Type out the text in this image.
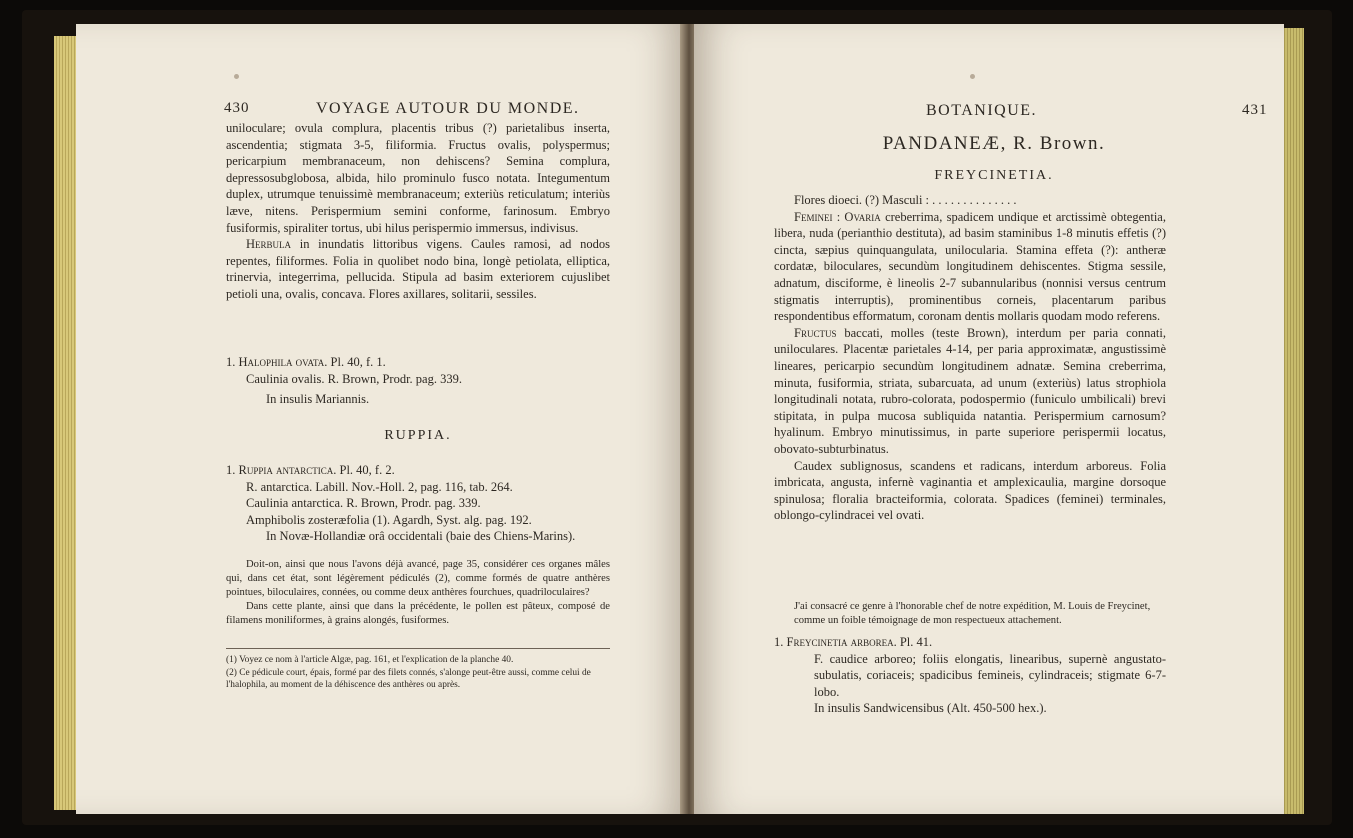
430	VOYAGE AUTOUR DU MONDE.

uniloculare; ovula complura, placentis tribus (?) parietalibus inserta, ascendentia; stigmata 3-5, filiformia. Fructus ovalis, polyspermus; pericarpium membranaceum, non dehiscens? Semina complura, depressosubglobosa, albida, hilo prominulo fusco notata. Integumentum duplex, utrumque tenuissimè membranaceum; exteriùs reticulatum; interiùs læve, nitens. Perispermium semini conforme, farinosum. Embryo fusiformis, spiraliter tortus, ubi hilus perispermio immersus, indivisus.

Herbula in inundatis littoribus vigens. Caules ramosi, ad nodos repentes, filiformes. Folia in quolibet nodo bina, longè petiolata, elliptica, trinervia, integerrima, pellucida. Stipula ad basim exteriorem cujuslibet petioli una, ovalis, concava. Flores axillares, solitarii, sessiles.

1. Halophila ovata. Pl. 40, f. 1.

Caulinia ovalis. R. Brown, Prodr. pag. 339.

In insulis Mariannis.

RUPPIA.

1. Ruppia antarctica. Pl. 40, f. 2.

R. antarctica. Labill. Nov.-Holl. 2, pag. 116, tab. 264.

Caulinia antarctica. R. Brown, Prodr. pag. 339.

Amphibolis zosteræfolia (1). Agardh, Syst. alg. pag. 192.

In Novæ-Hollandiæ orâ occidentali (baie des Chiens-Marins).

Doit-on, ainsi que nous l'avons déjà avancé, page 35, considérer ces organes mâles qui, dans cet état, sont légèrement pédiculés (2), comme formés de quatre anthères pointues, biloculaires, connées, ou comme deux anthères fourchues, quadriloculaires?

Dans cette plante, ainsi que dans la précédente, le pollen est pâteux, composé de filamens moniliformes, à grains alongés, fusiformes.

(1) Voyez ce nom à l'article Algæ, pag. 161, et l'explication de la planche 40.

(2) Ce pédicule court, épais, formé par des filets connés, s'alonge peut-être aussi, comme celui de l'halophila, au moment de la déhiscence des anthères ou après.

BOTANIQUE.	431
PANDANEÆ, R. Brown.
FREYCINETIA.

Flores dioeci. (?) Masculi : . . . . . . . . . . . . . .

Feminei : Ovaria creberrima, spadicem undique et arctissimè obtegentia, libera, nuda (perianthio destituta), ad basim staminibus 1-8 minutis effetis (?) cincta, sæpius quinquangulata, unilocularia. Stamina effeta (?): antheræ cordatæ, biloculares, secundùm longitudinem dehiscentes. Stigma sessile, adnatum, disciforme, è lineolis 2-7 subannularibus (nonnisi versus centrum stigmatis interruptis), prominentibus corneis, placentarum paribus respondentibus efformatum, coronam dentis mollaris quodam modo referens.

Fructus baccati, molles (teste Brown), interdum per paria connati, uniloculares. Placentæ parietales 4-14, per paria approximatæ, angustissimè lineares, pericarpio secundùm longitudinem adnatæ. Semina creberrima, minuta, fusiformia, striata, subarcuata, ad unum (exteriùs) latus strophiola longitudinali notata, rubro-colorata, podospermio (funiculo umbilicali) brevi stipitata, in pulpa mucosa subliquida natantia. Perispermium carnosum? hyalinum. Embryo minutissimus, in parte superiore perispermii locatus, obovato-subturbinatus.

Caudex sublignosus, scandens et radicans, interdum arboreus. Folia imbricata, angusta, infernè vaginantia et amplexicaulia, margine dorsoque spinulosa; floralia bracteiformia, colorata. Spadices (feminei) terminales, oblongo-cylindracei vel ovati.

J'ai consacré ce genre à l'honorable chef de notre expédition, M. Louis de Freycinet, comme un foible témoignage de mon respectueux attachement.

1. Freycinetia arborea. Pl. 41.

F. caudice arboreo; foliis elongatis, linearibus, supernè angustato-subulatis, coriaceis; spadicibus femineis, cylindraceis; stigmate 6-7-lobo.

In insulis Sandwicensibus (Alt. 450-500 hex.).
